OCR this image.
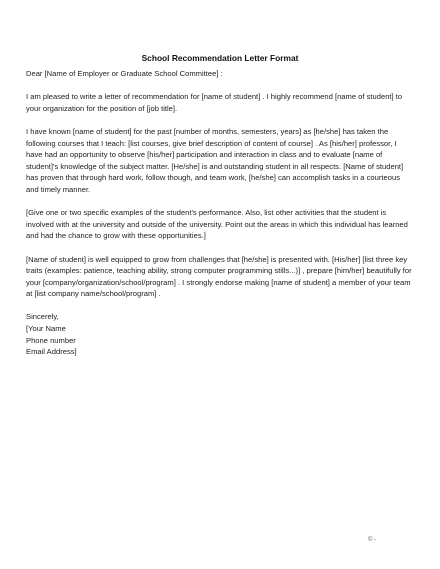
School Recommendation Letter Format

Dear [Name of Employer or Graduate School Committee] :

I am pleased to write a letter of recommendation for [name of student] . I highly recommend [name of student] to your organization for the position of [job title].

I have known [name of student] for the past [number of months, semesters, years] as [he/she] has taken the following courses that I teach: [list courses, give brief description of content of course] . As [his/her] professor, I have had an opportunity to observe [his/her] participation and interaction in class and to evaluate [name of student]'s knowledge of the subject matter. [He/she] is and outstanding student in all respects. [Name of student] has proven that through hard work, follow though, and team work, [he/she] can accomplish tasks in a courteous and timely manner.

[Give one or two specific examples of the student's performance. Also, list other activities that the student is involved with at the university and outside of the university. Point out the areas in which this individual has learned and had the chance to grow with these opportunities.]

[Name of student] is well equipped to grow from challenges that [he/she] is presented with. [His/her] [list three key traits (examples: patience, teaching ability, strong computer programming stills...)] , prepare [him/her] beautifully for your [company/organization/school/program] . I strongly endorse making [name of student] a member of your team at [list company name/school/program] .

Sincerely,

[Your Name

Phone number

Email Address]

© -
